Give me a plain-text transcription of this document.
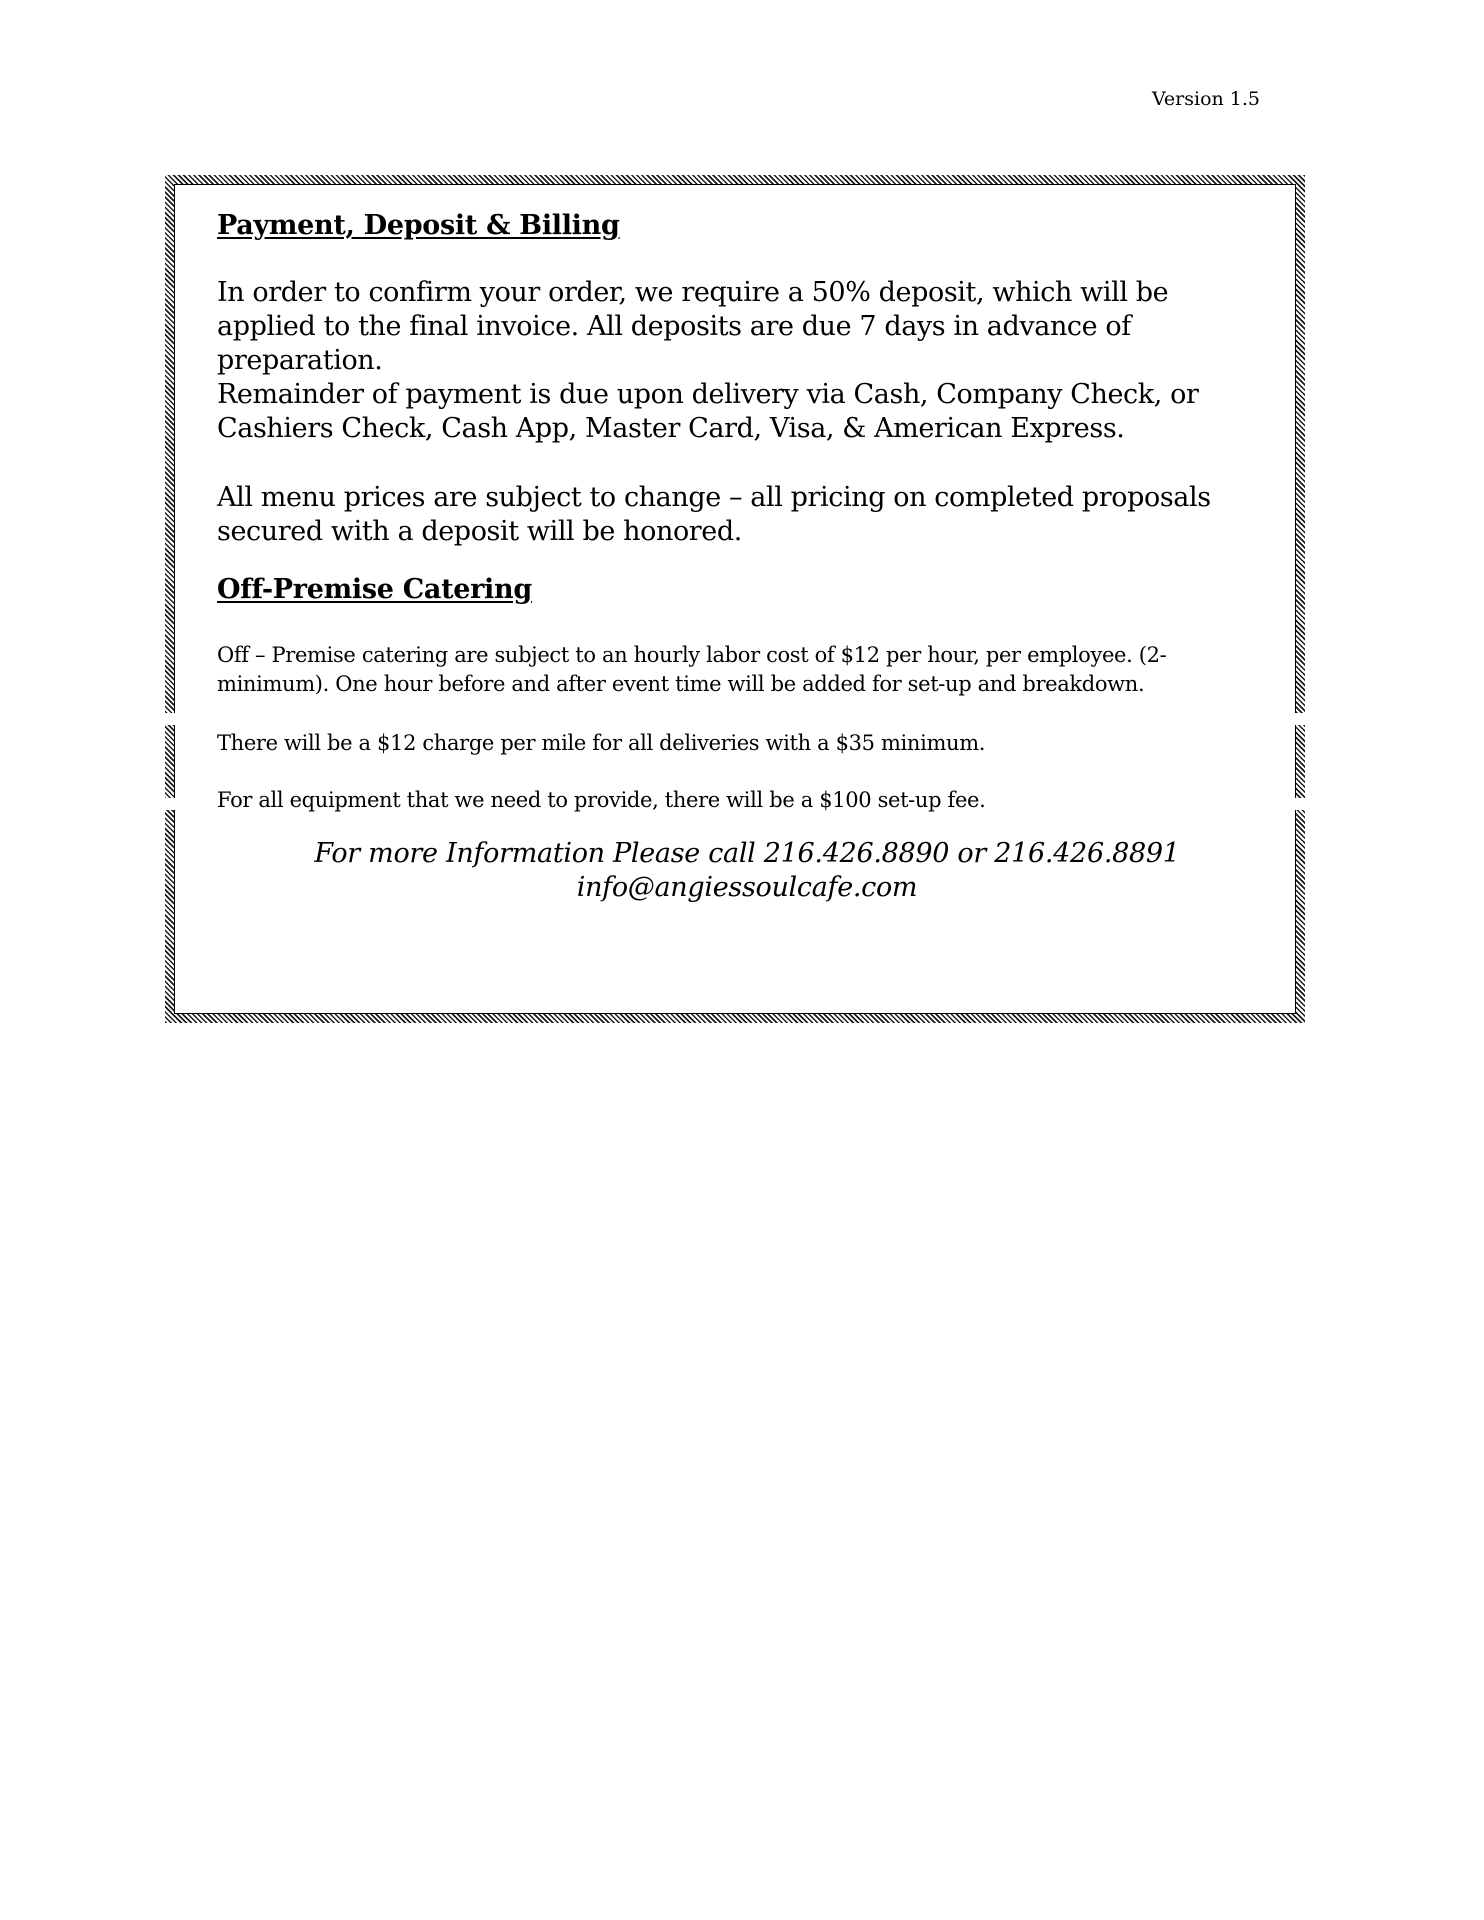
Version 1.5
Payment, Deposit & Billing

In order to confirm your order, we require a 50% deposit, which will be applied to the final invoice. All deposits are due 7 days in advance of preparation.

Remainder of payment is due upon delivery via Cash, Company Check, or Cashiers Check, Cash App, Master Card, Visa, & American Express.

All menu prices are subject to change – all pricing on completed proposals secured with a deposit will be honored.

Off-Premise Catering

Off – Premise catering are subject to an hourly labor cost of $12 per hour, per employee. (2-minimum). One hour before and after event time will be added for set-up and breakdown.

There will be a $12 charge per mile for all deliveries with a $35 minimum.

For all equipment that we need to provide, there will be a $100 set-up fee.

For more Information Please call 216.426.8890 or 216.426.8891

info@angiessoulcafe.com
